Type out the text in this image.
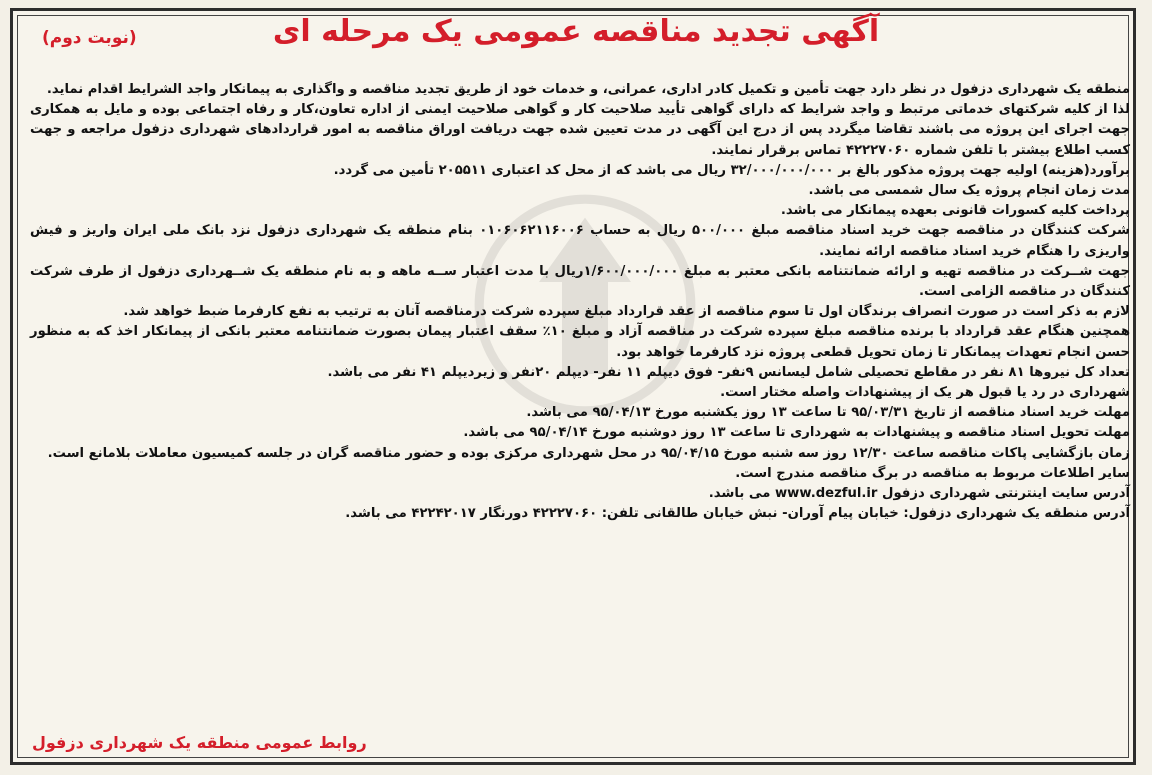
(نوبت دوم)	آگهی تجدید مناقصه عمومی یک مرحله ای

منطقه یک شهرداری دزفول در نظر دارد جهت تأمین و تکمیل کادر اداری، عمرانی، و خدمات خود از طریق تجدید مناقصه و واگذاری به پیمانکار واجد الشرایط اقدام نماید.

لذا از کلیه شرکتهای خدماتی مرتبط و واجد شرایط که دارای گواهی تأیید صلاحیت کار و گواهی صلاحیت ایمنی از اداره تعاون،کار و رفاه اجتماعی بوده و مایل به همکاری جهت اجرای این پروژه می باشند تقاضا میگردد پس از درج این آگهی در مدت تعیین شده جهت دریافت اوراق مناقصه به امور قراردادهای شهرداری دزفول مراجعه و جهت کسب اطلاع بیشتر با تلفن شماره ۴۲۲۲۷۰۶۰ تماس برقرار نمایند.

برآورد(هزینه) اولیه جهت پروژه مذکور بالغ بر ۳۲/۰۰۰/۰۰۰/۰۰۰ ریال می باشد که از محل کد اعتباری ۲۰۵۵۱۱ تأمین می گردد.

مدت زمان انجام پروژه یک سال شمسی می باشد.

پرداخت کلیه کسورات قانونی بعهده پیمانکار می باشد.

شرکت کنندگان در مناقصه جهت خرید اسناد مناقصه مبلغ ۵۰۰/۰۰۰ ریال به حساب ۰۱۰۶۰۶۲۱۱۶۰۰۶ بنام منطقه یک شهرداری دزفول نزد بانک ملی ایران واریز و فیش واریزی را هنگام خرید اسناد مناقصه ارائه نمایند.

جهت شــرکت در مناقصه تهیه و ارائه ضمانتنامه بانکی معتبر به مبلغ ۱/۶۰۰/۰۰۰/۰۰۰ریال با مدت اعتبار ســه ماهه و به نام منطقه یک شــهرداری دزفول از طرف شرکت کنندگان در مناقصه الزامی است.

لازم به ذکر است در صورت انصراف برندگان اول تا سوم مناقصه از عقد قرارداد مبلغ سپرده شرکت درمناقصه آنان به ترتیب به نفع کارفرما ضبط خواهد شد.

همچنین هنگام عقد قرارداد با برنده مناقصه مبلغ سپرده شرکت در مناقصه آزاد و مبلغ ۱۰٪ سقف اعتبار پیمان بصورت ضمانتنامه معتبر بانکی از پیمانکار اخذ که به منظور حسن انجام تعهدات پیمانکار تا زمان تحویل قطعی پروژه نزد کارفرما خواهد بود.

تعداد کل نیروها ۸۱ نفر در مقاطع تحصیلی شامل لیسانس ۹نفر- فوق دیپلم ۱۱ نفر- دیپلم ۲۰نفر و زیردیپلم ۴۱ نفر می باشد.

شهرداری در رد یا قبول هر یک از پیشنهادات واصله مختار است.

مهلت خرید اسناد مناقصه از تاریخ ۹۵/۰۳/۳۱ تا ساعت ۱۳ روز یکشنبه مورخ ۹۵/۰۴/۱۳ می باشد.

مهلت تحویل اسناد مناقصه و پیشنهادات به شهرداری تا ساعت ۱۳ روز دوشنبه مورخ ۹۵/۰۴/۱۴ می باشد.

زمان بازگشایی پاکات مناقصه ساعت ۱۲/۳۰ روز سه شنبه مورخ ۹۵/۰۴/۱۵ در محل شهرداری مرکزی بوده و حضور مناقصه گران در جلسه کمیسیون معاملات بلامانع است.

سایر اطلاعات مربوط به مناقصه در برگ مناقصه مندرج است.

آدرس سایت اینترنتی شهرداری دزفول www.dezful.ir می باشد.

آدرس منطقه یک شهرداری دزفول: خیابان پیام آوران- نبش خیابان طالقانی تلفن: ۴۲۲۲۷۰۶۰ دورنگار ۴۲۲۴۲۰۱۷ می باشد.

روابط عمومی منطقه یک شهرداری دزفول
